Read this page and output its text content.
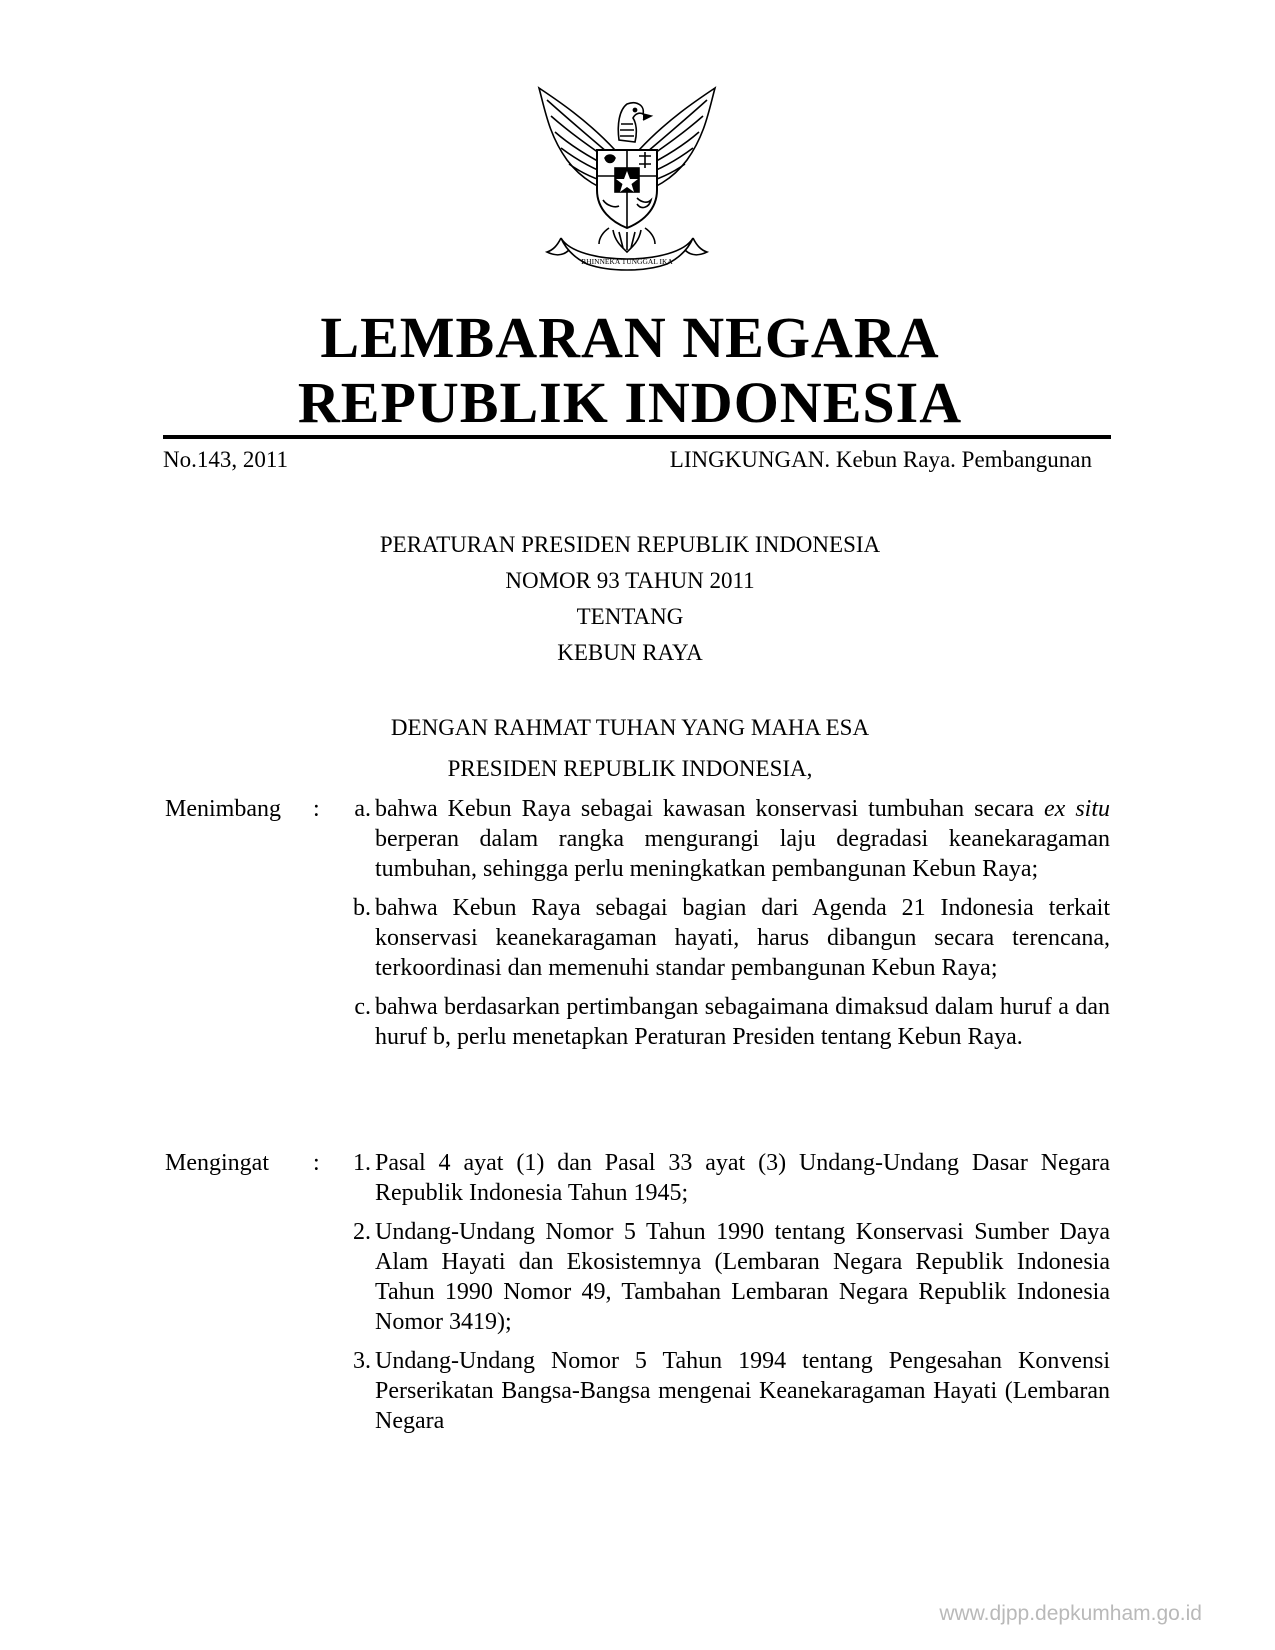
BHINNEKA TUNGGAL IKA
LEMBARAN NEGARA
REPUBLIK INDONESIA
No.143, 2011	LINGKUNGAN. Kebun Raya. Pembangunan
PERATURAN PRESIDEN REPUBLIK INDONESIA
NOMOR 93 TAHUN 2011
TENTANG
KEBUN RAYA
DENGAN RAHMAT TUHAN YANG MAHA ESA
PRESIDEN REPUBLIK INDONESIA,
Menimbang :	a. bahwa Kebun Raya sebagai kawasan konservasi tumbuhan secara ex situ berperan dalam rangka mengurangi laju degradasi keanekaragaman tumbuhan, sehingga perlu meningkatkan pembangunan Kebun Raya;
b. bahwa Kebun Raya sebagai bagian dari Agenda 21 Indonesia terkait konservasi keanekaragaman hayati, harus dibangun secara terencana, terkoordinasi dan memenuhi standar pembangunan Kebun Raya;
c. bahwa berdasarkan pertimbangan sebagaimana dimaksud dalam huruf a dan huruf b, perlu menetapkan Peraturan Presiden tentang Kebun Raya.
Mengingat :	1. Pasal 4 ayat (1) dan Pasal 33 ayat (3) Undang-Undang Dasar Negara Republik Indonesia Tahun 1945;
2. Undang-Undang Nomor 5 Tahun 1990 tentang Konservasi Sumber Daya Alam Hayati dan Ekosistemnya (Lembaran Negara Republik Indonesia Tahun 1990 Nomor 49, Tambahan Lembaran Negara Republik Indonesia Nomor 3419);
3. Undang-Undang Nomor 5 Tahun 1994 tentang Pengesahan Konvensi Perserikatan Bangsa-Bangsa mengenai Keanekaragaman Hayati (Lembaran Negara
www.djpp.depkumham.go.id
